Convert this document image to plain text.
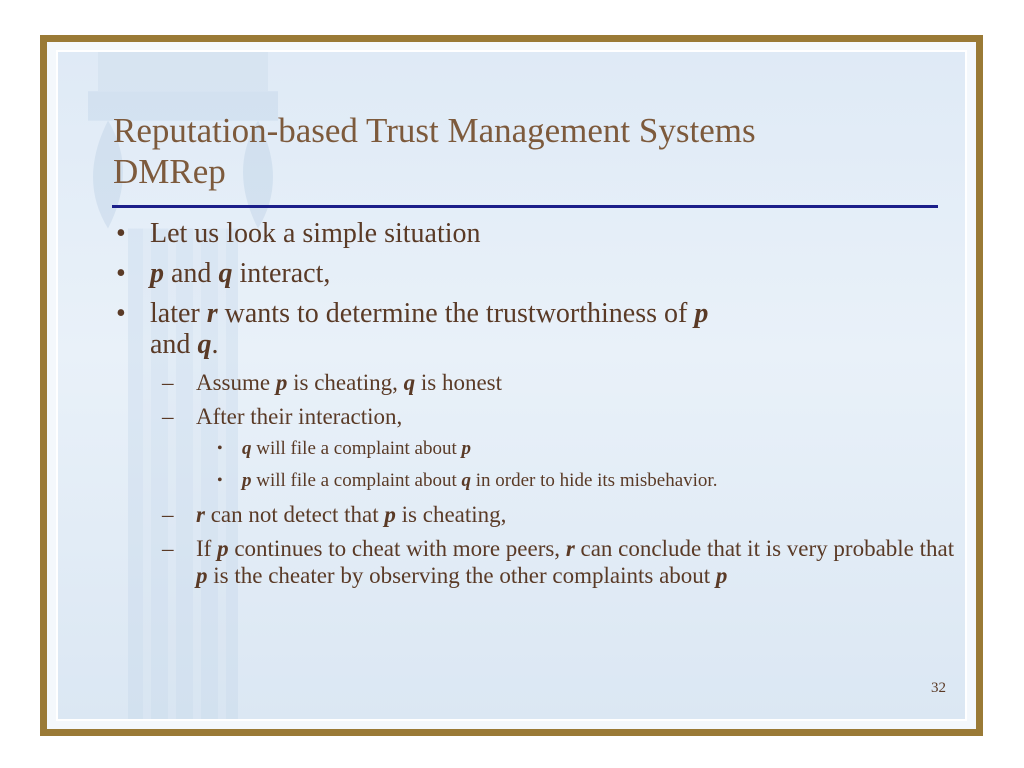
Reputation-based Trust Management Systems
DMRep
• Let us look a simple situation
• p and q interact,
• later r wants to determine the trustworthiness of p
and q.
– Assume p is cheating, q is honest
– After their interaction,
• q will file a complaint about p
• p will file a complaint about q in order to hide its misbehavior.
– r can not detect that p is cheating,
– If p continues to cheat with more peers, r can conclude that it is very probable that p is the cheater by observing the other complaints about p
32
